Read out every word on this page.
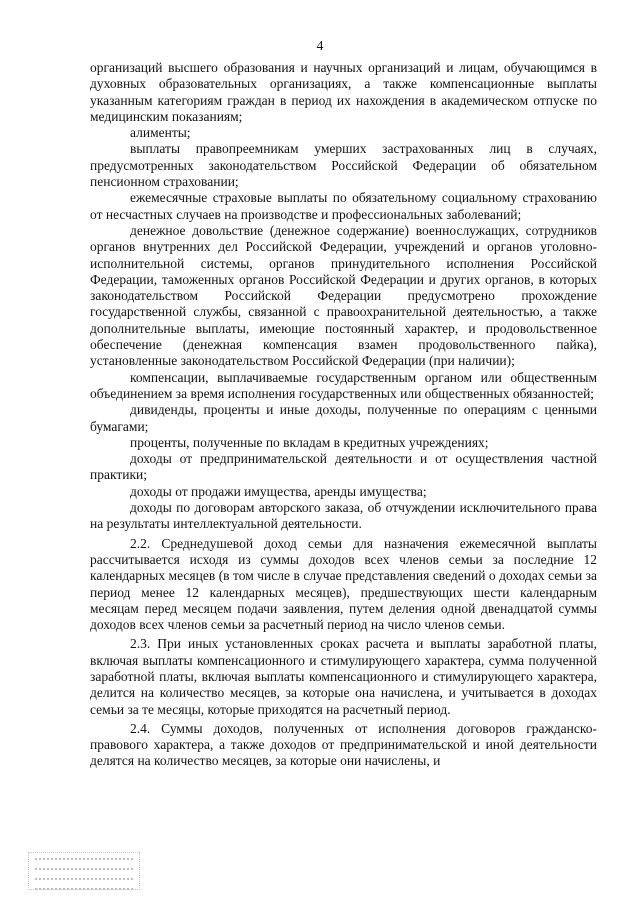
4

организаций высшего образования и научных организаций и лицам, обучающимся в духовных образовательных организациях, а также компенсационные выплаты указанным категориям граждан в период их нахождения в академическом отпуске по медицинским показаниям;

алименты;

выплаты правопреемникам умерших застрахованных лиц в случаях, предусмотренных законодательством Российской Федерации об обязательном пенсионном страховании;

ежемесячные страховые выплаты по обязательному социальному страхованию от несчастных случаев на производстве и профессиональных заболеваний;

денежное довольствие (денежное содержание) военнослужащих, сотрудников органов внутренних дел Российской Федерации, учреждений и органов уголовно-исполнительной системы, органов принудительного исполнения Российской Федерации, таможенных органов Российской Федерации и других органов, в которых законодательством Российской Федерации предусмотрено прохождение государственной службы, связанной с правоохранительной деятельностью, а также дополнительные выплаты, имеющие постоянный характер, и продовольственное обеспечение (денежная компенсация взамен продовольственного пайка), установленные законодательством Российской Федерации (при наличии);

компенсации, выплачиваемые государственным органом или общественным объединением за время исполнения государственных или общественных обязанностей;

дивиденды, проценты и иные доходы, полученные по операциям с ценными бумагами;

проценты, полученные по вкладам в кредитных учреждениях;

доходы от предпринимательской деятельности и от осуществления частной практики;

доходы от продажи имущества, аренды имущества;

доходы по договорам авторского заказа, об отчуждении исключительного права на результаты интеллектуальной деятельности.

2.2. Среднедушевой доход семьи для назначения ежемесячной выплаты рассчитывается исходя из суммы доходов всех членов семьи за последние 12 календарных месяцев (в том числе в случае представления сведений о доходах семьи за период менее 12 календарных месяцев), предшествующих шести календарным месяцам перед месяцем подачи заявления, путем деления одной двенадцатой суммы доходов всех членов семьи за расчетный период на число членов семьи.

2.3. При иных установленных сроках расчета и выплаты заработной платы, включая выплаты компенсационного и стимулирующего характера, сумма полученной заработной платы, включая выплаты компенсационного и стимулирующего характера, делится на количество месяцев, за которые она начислена, и учитывается в доходах семьи за те месяцы, которые приходятся на расчетный период.

2.4. Суммы доходов, полученных от исполнения договоров гражданско-правового характера, а также доходов от предпринимательской и иной деятельности делятся на количество месяцев, за которые они начислены, и
